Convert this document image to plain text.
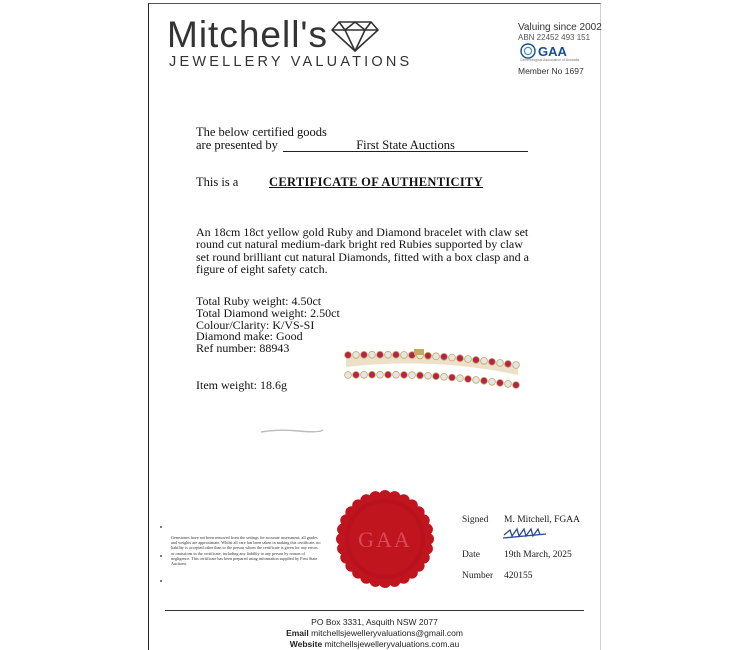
Mitchell's
JEWELLERY VALUATIONS
Valuing since 2002
ABN 22452 493 151
GAA
Gemmological Association of Australia
Member No 1697
The below certified goods
are presented by	First State Auctions
This is a CERTIFICATE OF AUTHENTICITY
An 18cm 18ct yellow gold Ruby and Diamond bracelet with claw set round cut natural medium-dark bright red Rubies supported by claw set round brilliant cut natural Diamonds, fitted with a box clasp and a figure of eight safety catch.
Total Ruby weight: 4.50ct
Total Diamond weight: 2.50ct
Colour/Clarity: K/VS-SI
Diamond make: Good
Ref number: 88943
Item weight: 18.6g
Gemstones have not been removed from the settings for accurate assessment, all grades and weights are approximate. Whilst all care has been taken in making this certificate, no liability is accepted other than to the person whom the certificate is given for any errors or omissions in the certificate, including any liability to any person by reason of negligence. This certificate has been prepared using information supplied by First State Auctions.
GAA
Signed M. Mitchell, FGAA
Date	19th March, 2025
Number 420155
PO Box 3331, Asquith NSW 2077
Email mitchellsjewelleryvaluations@gmail.com
Website mitchellsjewelleryvaluations.com.au
